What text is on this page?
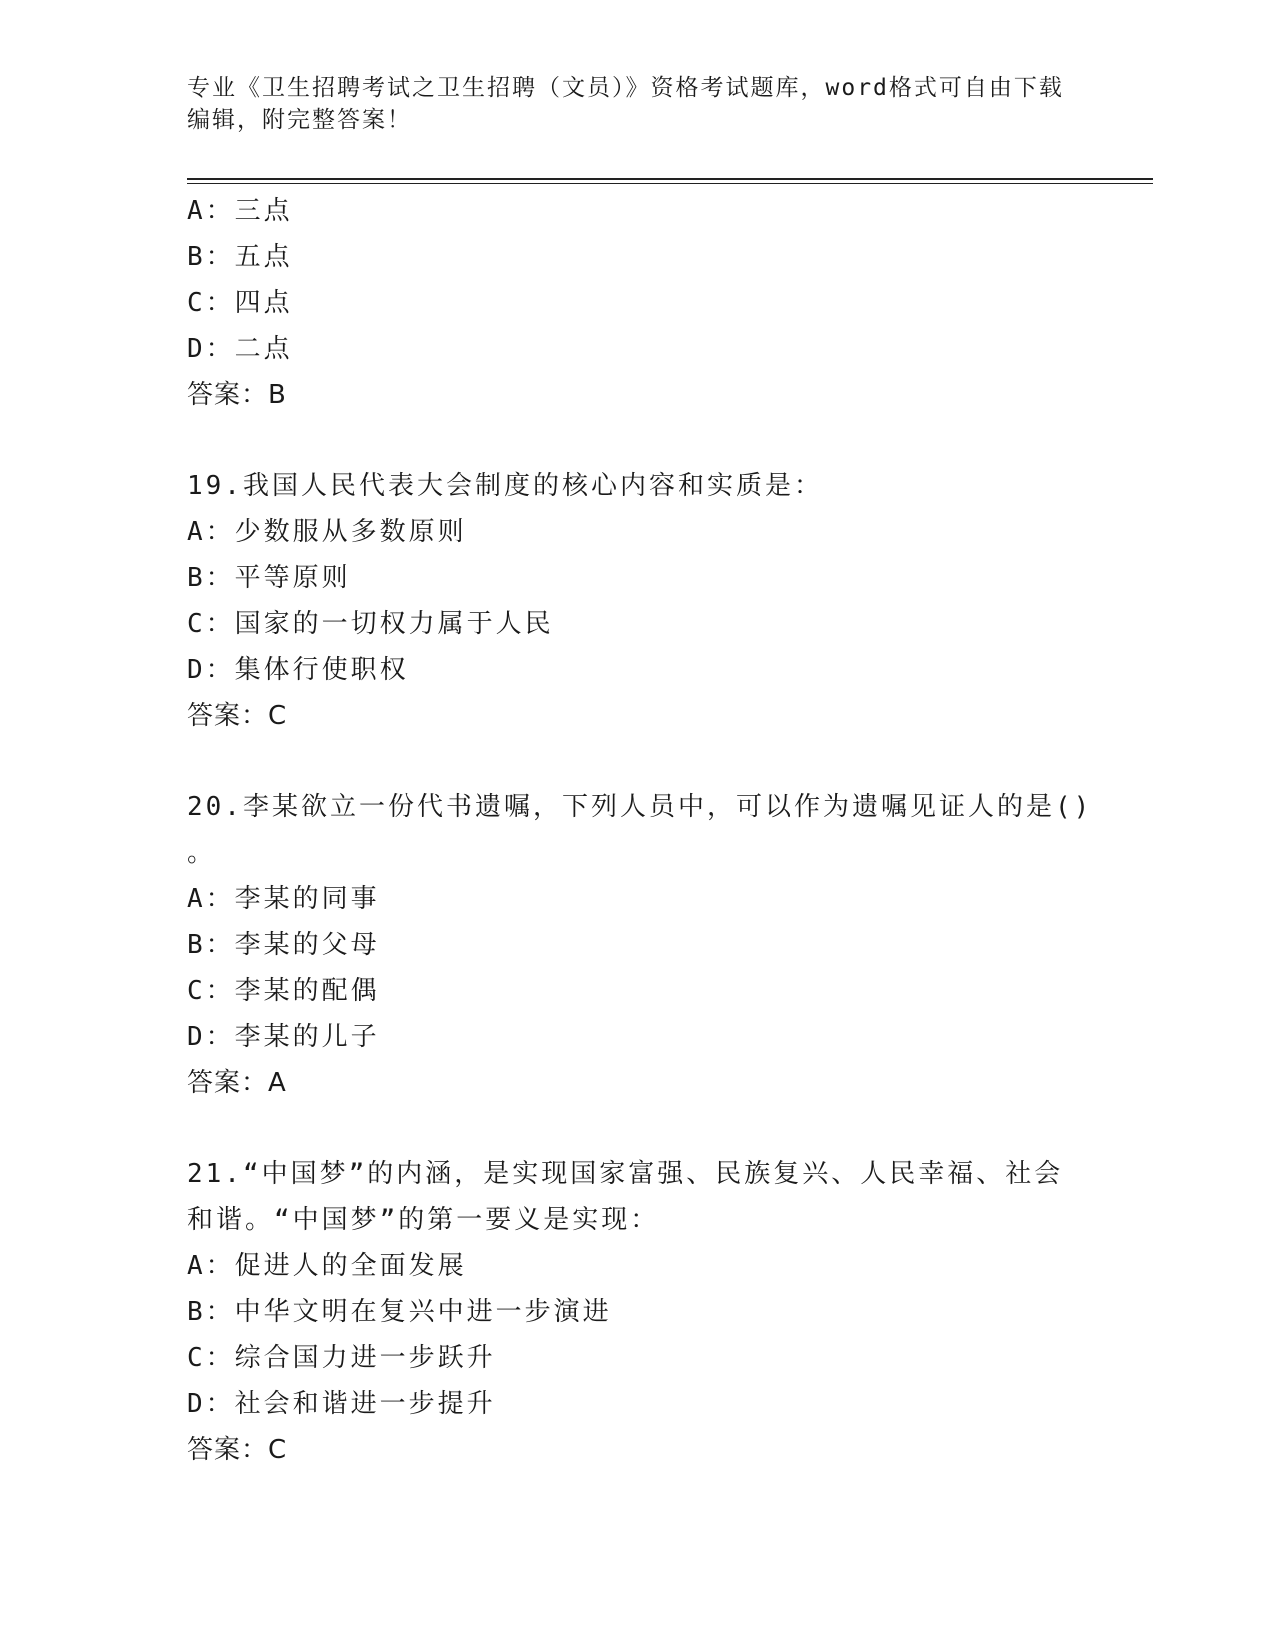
专业《卫生招聘考试之卫生招聘（文员）》资格考试题库，word格式可自由下载
编辑，附完整答案！
A：三点
B：五点
C：四点
D：二点
答案：B
19.我国人民代表大会制度的核心内容和实质是：
A：少数服从多数原则
B：平等原则
C：国家的一切权力属于人民
D：集体行使职权
答案：C
20.李某欲立一份代书遗嘱，下列人员中，可以作为遗嘱见证人的是()
。
A：李某的同事
B：李某的父母
C：李某的配偶
D：李某的儿子
答案：A
21.“中国梦”的内涵，是实现国家富强、民族复兴、人民幸福、社会
和谐。“中国梦”的第一要义是实现：
A：促进人的全面发展
B：中华文明在复兴中进一步演进
C：综合国力进一步跃升
D：社会和谐进一步提升
答案：C
